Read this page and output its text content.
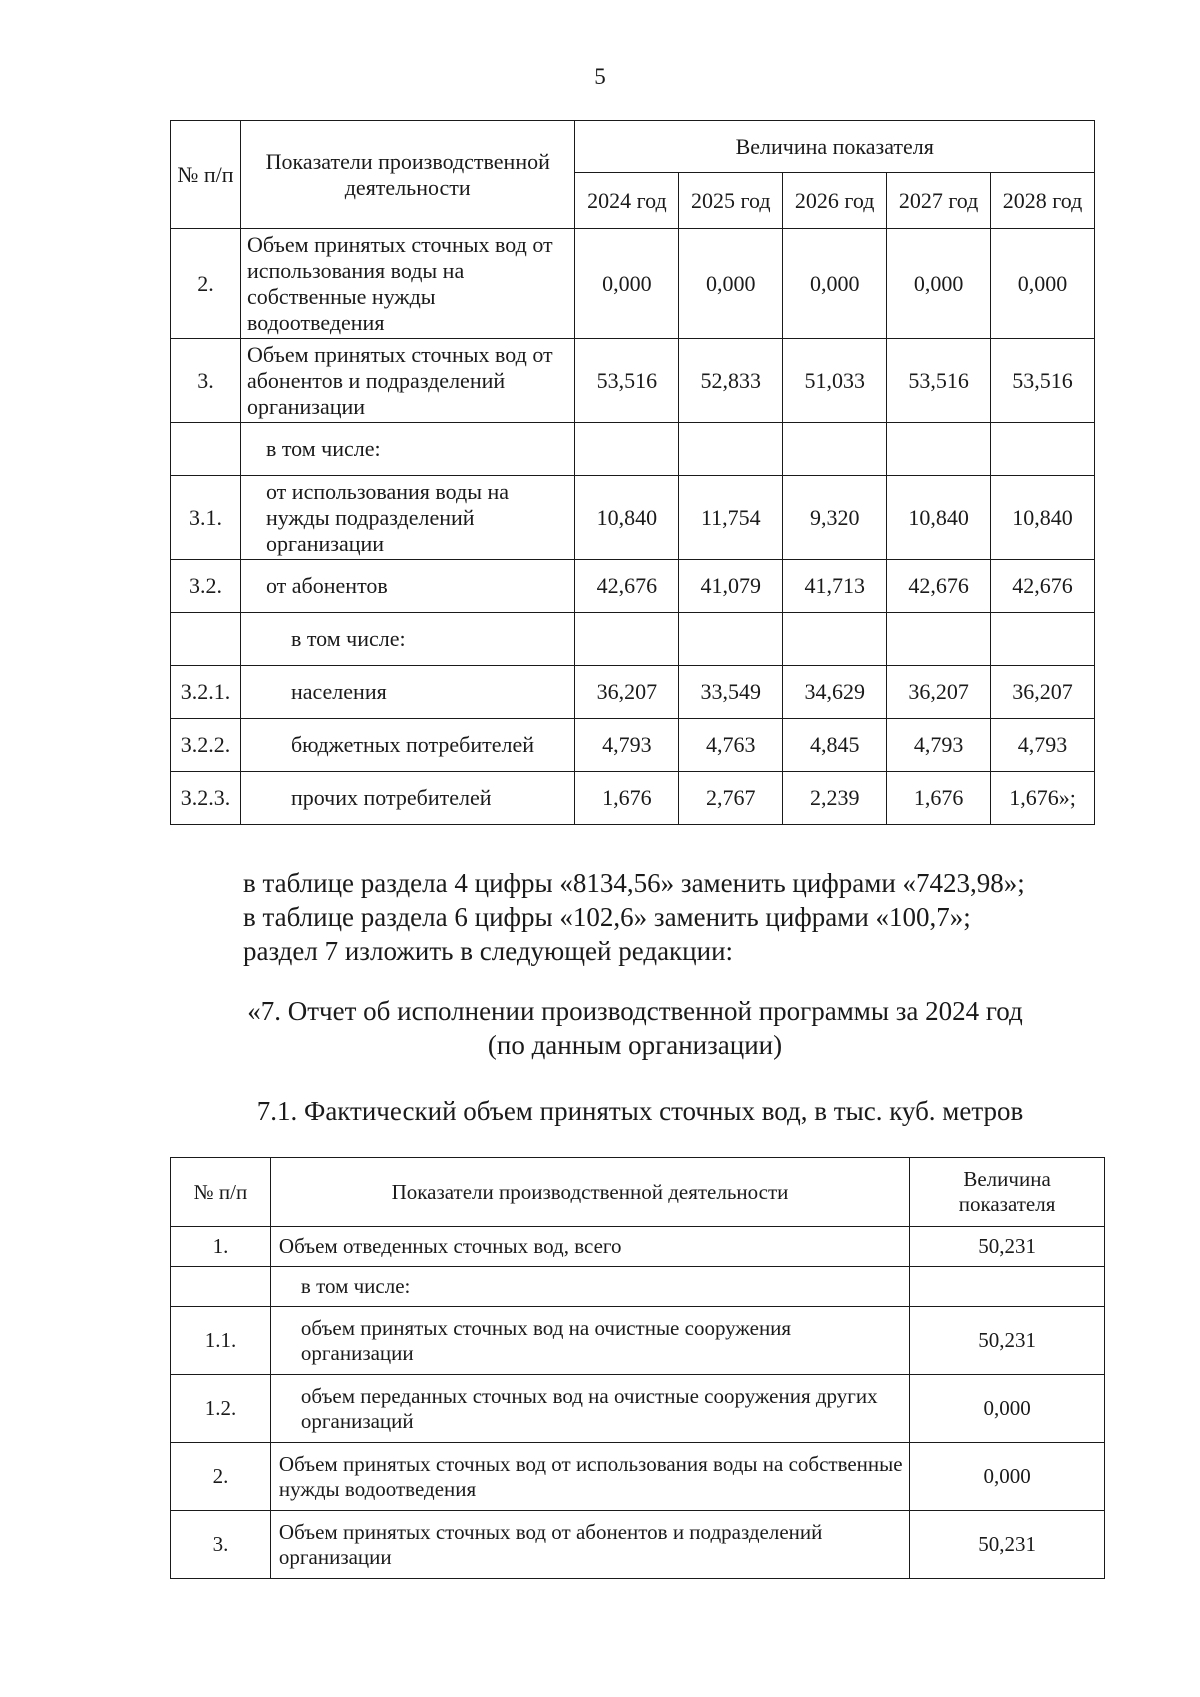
5
№ п/п	Показатели производственной деятельности	Величина показателя				
		2024 год	2025 год	2026 год	2027 год	2028 год
2.	Объем принятых сточных вод от использования воды на собственные нужды водоотведения	0,000	0,000	0,000	0,000	0,000
3.	Объем принятых сточных вод от абонентов и подразделений организации	53,516	52,833	51,033	53,516	53,516
	в том числе:					
3.1.	от использования воды на нужды подразделений организации	10,840	11,754	9,320	10,840	10,840
3.2.	от абонентов	42,676	41,079	41,713	42,676	42,676
	в том числе:					
3.2.1.	населения	36,207	33,549	34,629	36,207	36,207
3.2.2.	бюджетных потребителей	4,793	4,763	4,845	4,793	4,793
3.2.3.	прочих потребителей	1,676	2,767	2,239	1,676	1,676»;
в таблице раздела 4 цифры «8134,56» заменить цифрами «7423,98»;
в таблице раздела 6 цифры «102,6» заменить цифрами «100,7»;
раздел 7 изложить в следующей редакции:
«7. Отчет об исполнении производственной программы за 2024 год
(по данным организации)
7.1. Фактический объем принятых сточных вод, в тыс. куб. метров
№ п/п	Показатели производственной деятельности	Величина показателя
1.	Объем отведенных сточных вод, всего	50,231
	в том числе:	
1.1.	объем принятых сточных вод на очистные сооружения организации	50,231
1.2.	объем переданных сточных вод на очистные сооружения других организаций	0,000
2.	Объем принятых сточных вод от использования воды на собственные нужды водоотведения	0,000
3.	Объем принятых сточных вод от абонентов и подразделений организации	50,231
